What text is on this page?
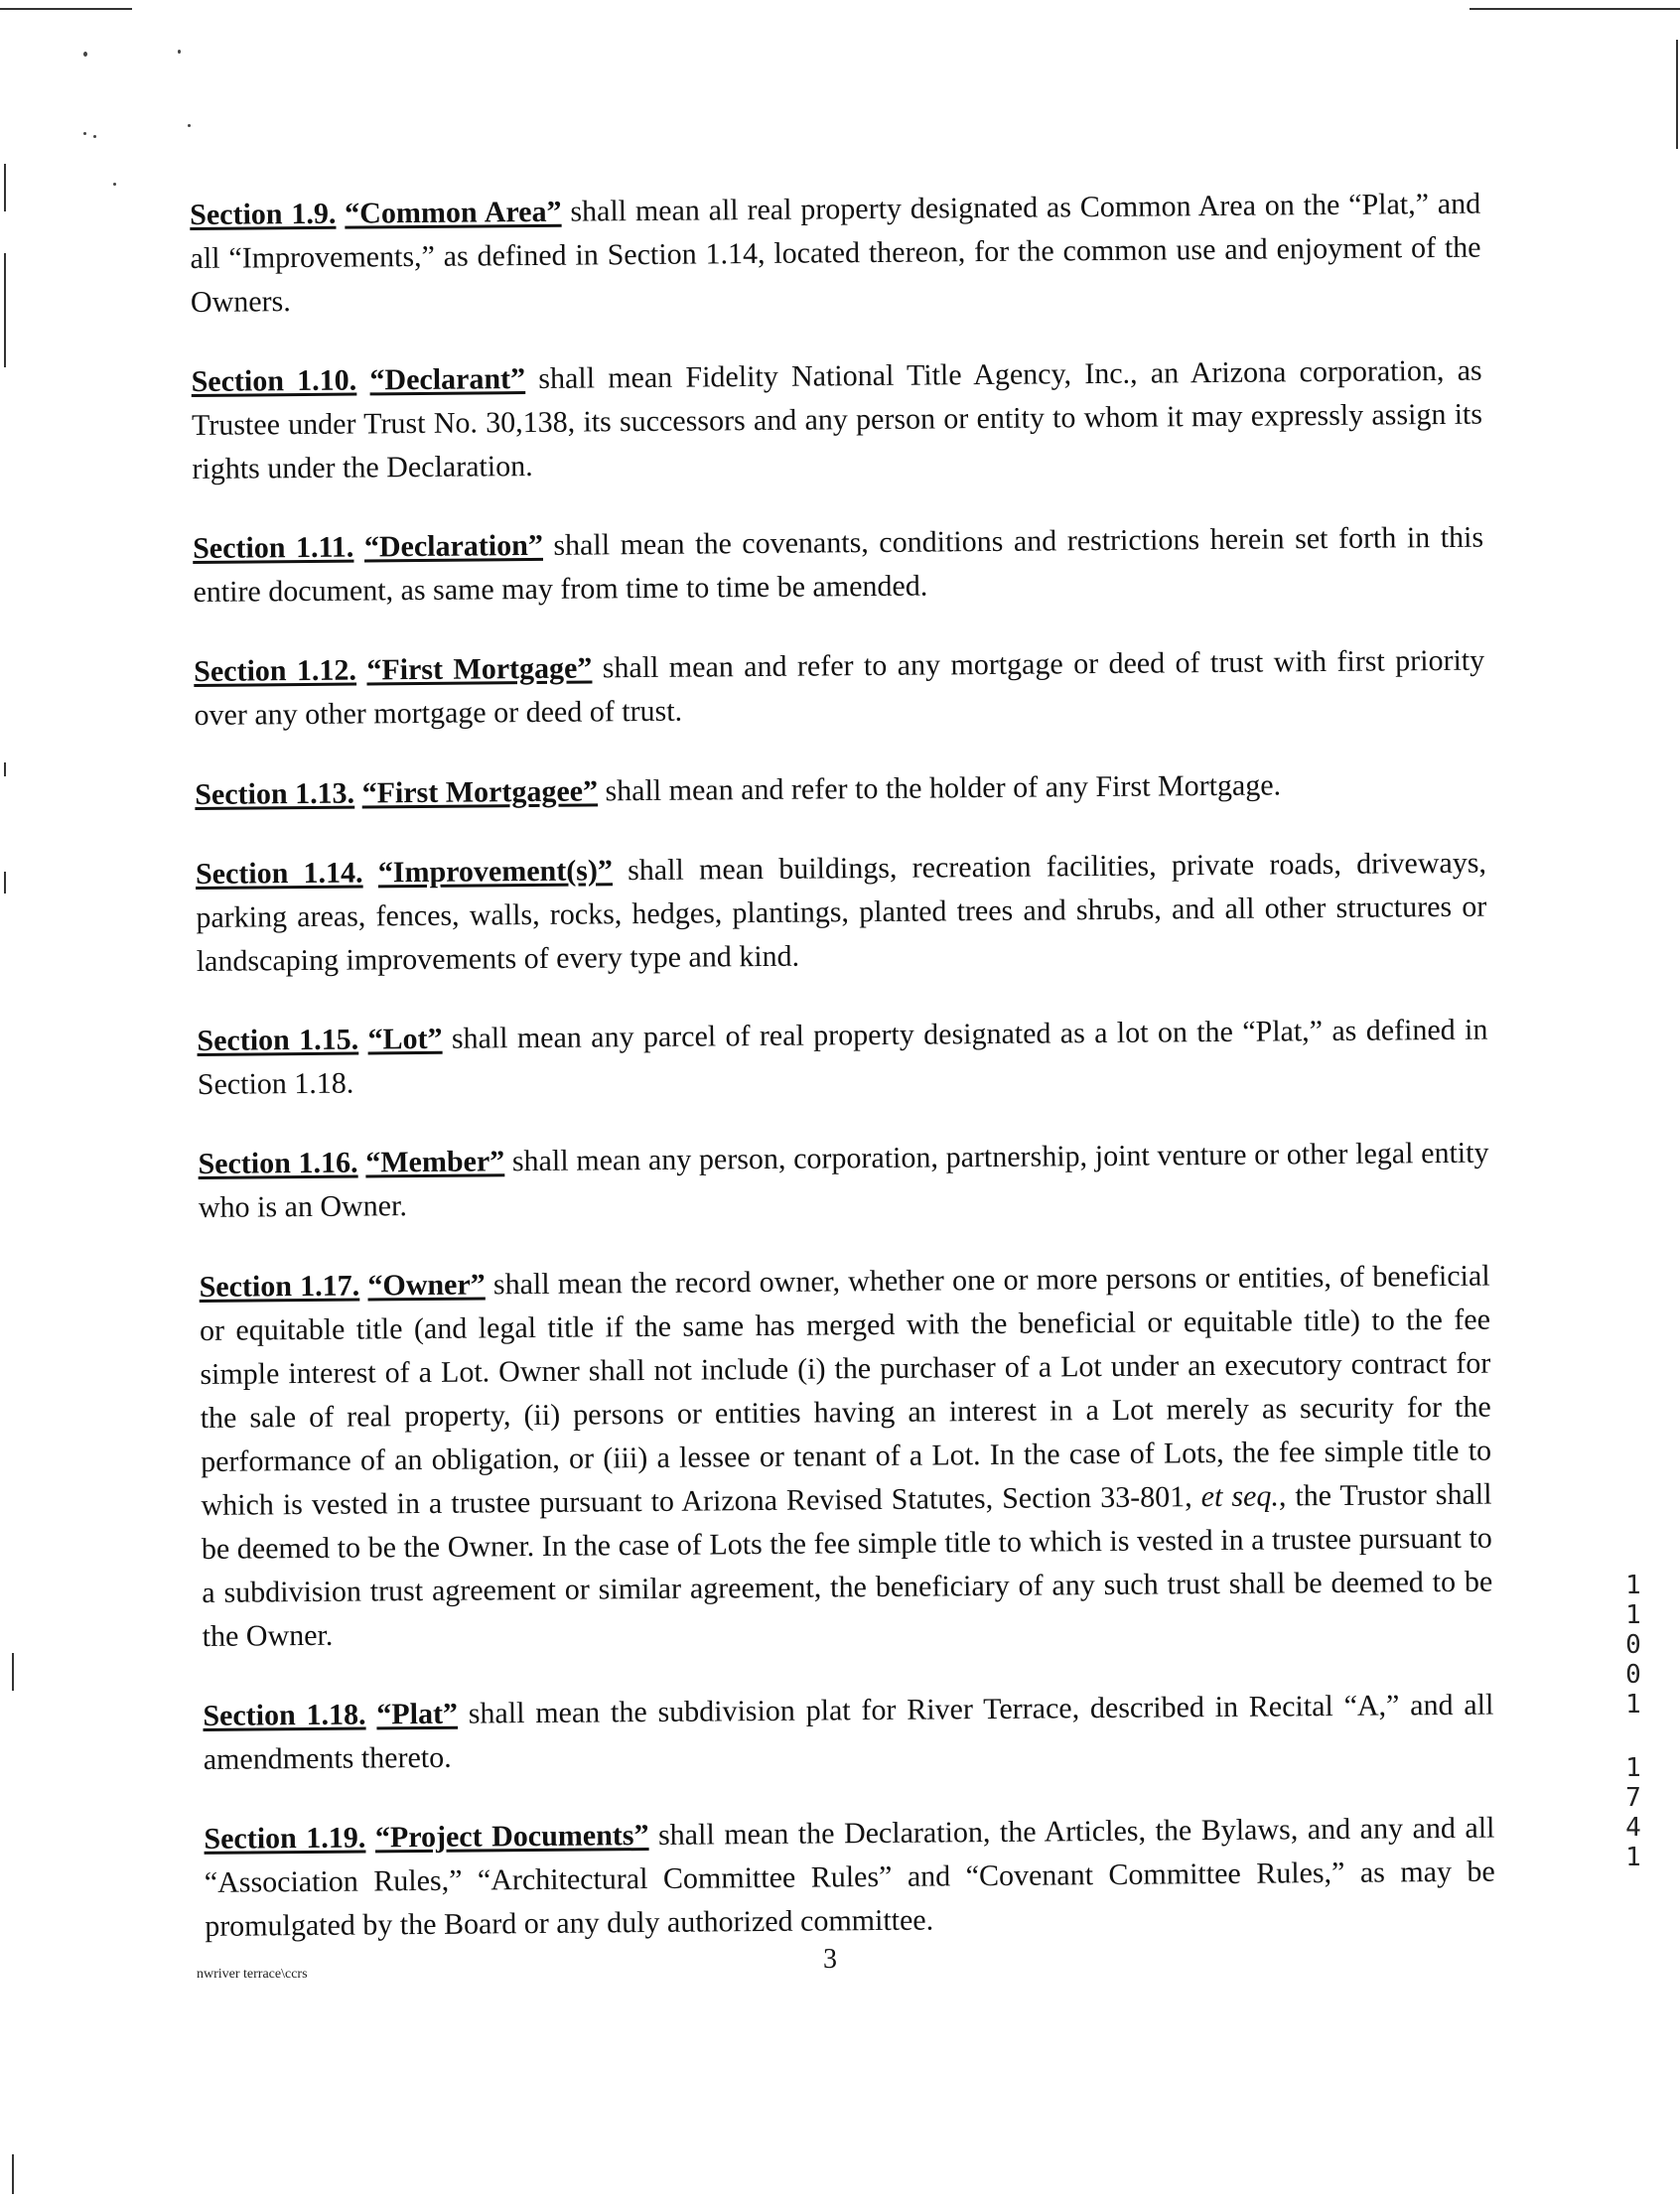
Section 1.9. “Common Area” shall mean all real property designated as Common Area on the “Plat,” and all “Improvements,” as defined in Section 1.14, located thereon, for the common use and enjoyment of the Owners.

Section 1.10. “Declarant” shall mean Fidelity National Title Agency, Inc., an Arizona corporation, as Trustee under Trust No. 30,138, its successors and any person or entity to whom it may expressly assign its rights under the Declaration.

Section 1.11. “Declaration” shall mean the covenants, conditions and restrictions herein set forth in this entire document, as same may from time to time be amended.

Section 1.12. “First Mortgage” shall mean and refer to any mortgage or deed of trust with first priority over any other mortgage or deed of trust.

Section 1.13. “First Mortgagee” shall mean and refer to the holder of any First Mortgage.

Section 1.14. “Improvement(s)” shall mean buildings, recreation facilities, private roads, driveways, parking areas, fences, walls, rocks, hedges, plantings, planted trees and shrubs, and all other structures or landscaping improvements of every type and kind.

Section 1.15. “Lot” shall mean any parcel of real property designated as a lot on the “Plat,” as defined in Section 1.18.

Section 1.16. “Member” shall mean any person, corporation, partnership, joint venture or other legal entity who is an Owner.

Section 1.17. “Owner” shall mean the record owner, whether one or more persons or entities, of beneficial or equitable title (and legal title if the same has merged with the beneficial or equitable title) to the fee simple interest of a Lot. Owner shall not include (i) the purchaser of a Lot under an executory contract for the sale of real property, (ii) persons or entities having an interest in a Lot merely as security for the performance of an obligation, or (iii) a lessee or tenant of a Lot. In the case of Lots, the fee simple title to which is vested in a trustee pursuant to Arizona Revised Statutes, Section 33-801, et seq., the Trustor shall be deemed to be the Owner. In the case of Lots the fee simple title to which is vested in a trustee pursuant to a subdivision trust agreement or similar agreement, the beneficiary of any such trust shall be deemed to be the Owner.

Section 1.18. “Plat” shall mean the subdivision plat for River Terrace, described in Recital “A,” and all amendments thereto.

Section 1.19. “Project Documents” shall mean the Declaration, the Articles, the Bylaws, and any and all “Association Rules,” “Architectural Committee Rules” and “Covenant Committee Rules,” as may be promulgated by the Board or any duly authorized committee.

1
1
0
0
1
1
7
4
1
3
nwriver terrace\ccrs
